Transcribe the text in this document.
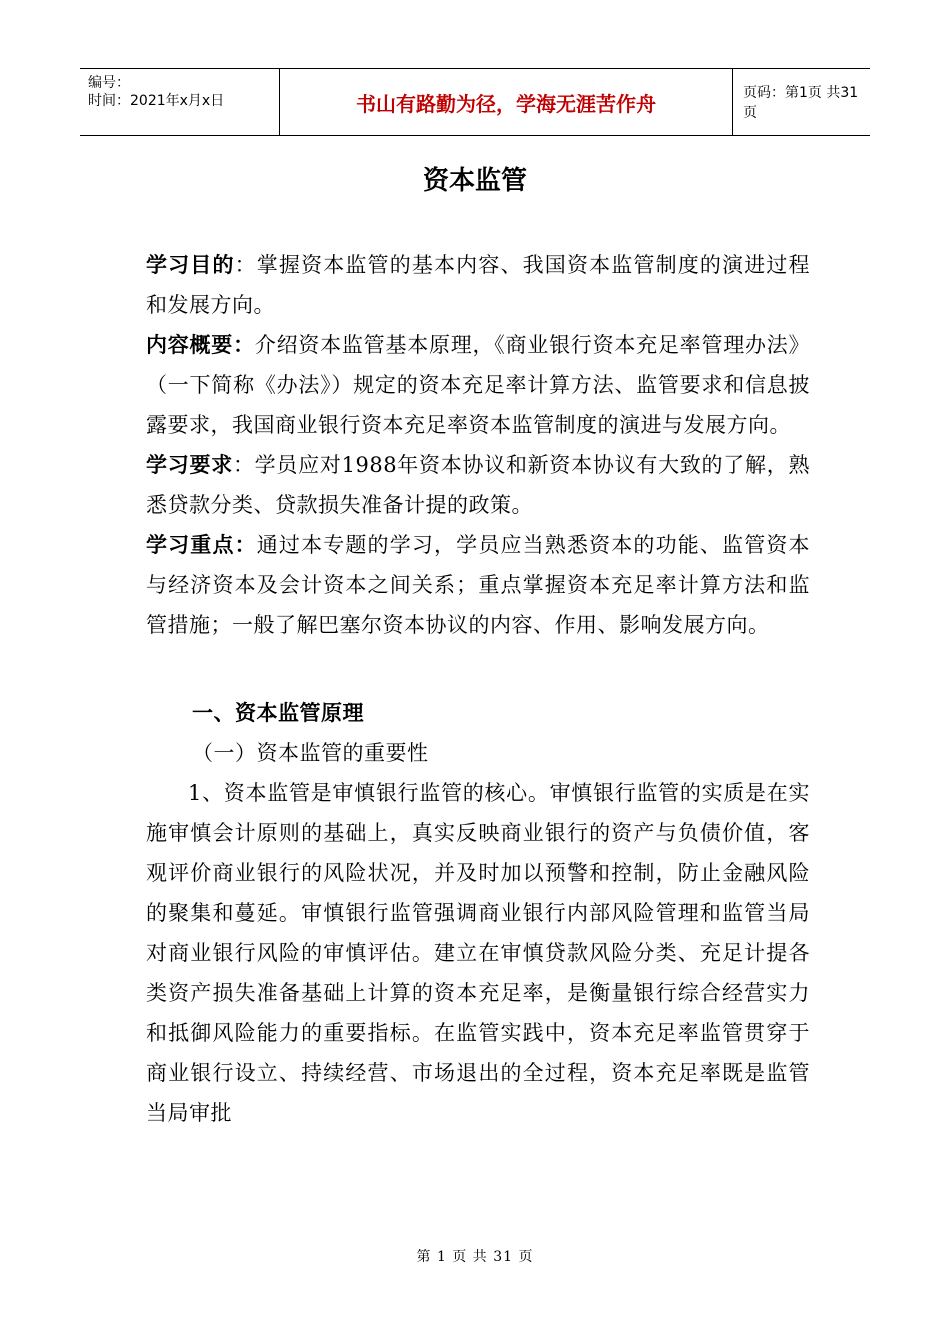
编号：
时间：2021年x月x日	书山有路勤为径，学海无涯苦作舟	页码：第1页 共31页
资本监管

学习目的：掌握资本监管的基本内容、我国资本监管制度的演进过程和发展方向。

内容概要：介绍资本监管基本原理，《商业银行资本充足率管理办法》（一下简称《办法》）规定的资本充足率计算方法、监管要求和信息披露要求，我国商业银行资本充足率资本监管制度的演进与发展方向。

学习要求：学员应对1988年资本协议和新资本协议有大致的了解，熟悉贷款分类、贷款损失准备计提的政策。

学习重点：通过本专题的学习，学员应当熟悉资本的功能、监管资本与经济资本及会计资本之间关系；重点掌握资本充足率计算方法和监管措施；一般了解巴塞尔资本协议的内容、作用、影响发展方向。

一、资本监管原理

（一）资本监管的重要性

1、资本监管是审慎银行监管的核心。审慎银行监管的实质是在实施审慎会计原则的基础上，真实反映商业银行的资产与负债价值，客观评价商业银行的风险状况，并及时加以预警和控制，防止金融风险的聚集和蔓延。审慎银行监管强调商业银行内部风险管理和监管当局对商业银行风险的审慎评估。建立在审慎贷款风险分类、充足计提各类资产损失准备基础上计算的资本充足率，是衡量银行综合经营实力和抵御风险能力的重要指标。在监管实践中，资本充足率监管贯穿于商业银行设立、持续经营、市场退出的全过程，资本充足率既是监管当局审批

第 1 页 共 31 页
